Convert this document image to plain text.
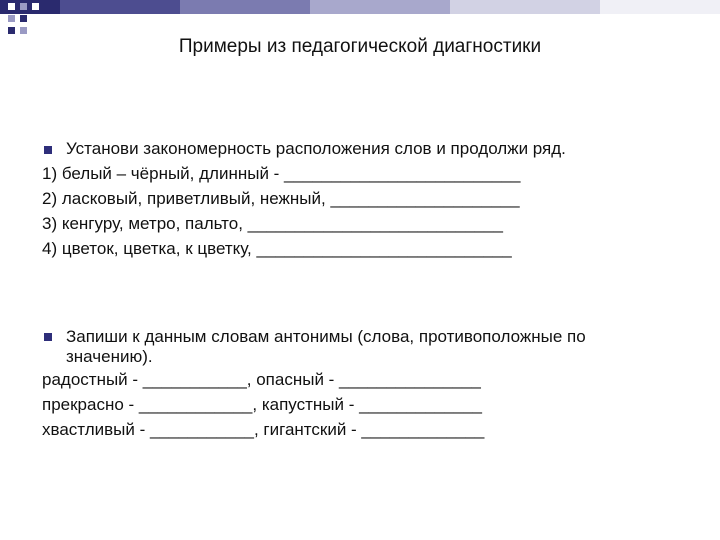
Примеры из педагогической диагностики
Установи закономерность расположения слов и продолжи ряд.
1) белый – чёрный, длинный - _________________________
2) ласковый, приветливый, нежный, ____________________
3) кенгуру, метро, пальто, ___________________________
4) цветок, цветка, к цветку, ___________________________
Запиши к данным словам антонимы (слова, противоположные по значению).
радостный - ___________, опасный - _______________
прекрасно - ____________, капустный - _____________
хвастливый - ___________, гигантский - _____________
